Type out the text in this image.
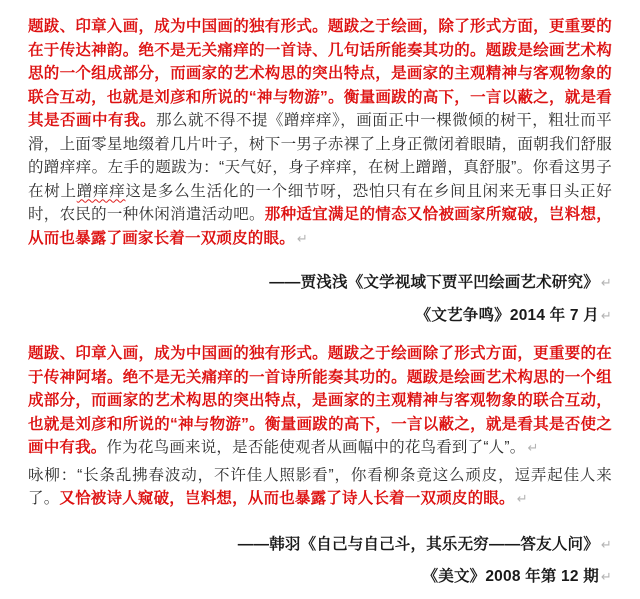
题跋、印章入画，成为中国画的独有形式。题跋之于绘画，除了形式方面，更重要的在于传达神韵。绝不是无关痛痒的一首诗、几句话所能奏其功的。题跋是绘画艺术构思的一个组成部分，而画家的艺术构思的突出特点，是画家的主观精神与客观物象的联合互动，也就是刘彦和所说的“神与物游”。衡量画跋的高下，一言以蔽之，就是看其是否画中有我。那么就不得不提《蹭痒痒》，画面正中一棵微倾的树干，粗壮而平滑，上面零星地缀着几片叶子，树下一男子赤裸了上身正微闭着眼睛，面朝我们舒服的蹭痒痒。左手的题跋为：“天气好，身子痒痒，在树上蹭蹭，真舒服”。你看这男子在树上蹭痒痒这是多么生活化的一个细节呀，恐怕只有在乡间且闲来无事日头正好时，农民的一种休闲消遣活动吧。那种适宜满足的情态又恰被画家所窥破，岂料想，从而也暴露了画家长着一双顽皮的眼。 ↵

——贾浅浅《文学视域下贾平凹绘画艺术研究》 ↵

《文艺争鸣》2014 年 7 月 ↵

题跋、印章入画，成为中国画的独有形式。题跋之于绘画除了形式方面，更重要的在于传神阿堵。绝不是无关痛痒的一首诗所能奏其功的。题跋是绘画艺术构思的一个组成部分，而画家的艺术构思的突出特点，是画家的主观精神与客观物象的联合互动，也就是刘彦和所说的“神与物游”。衡量画跋的高下，一言以蔽之，就是看其是否使之画中有我。作为花鸟画来说，是否能使观者从画幅中的花鸟看到了“人”。 ↵

咏柳：“长条乱拂春波动，不许佳人照影看”，你看柳条竟这么顽皮，逗弄起佳人来了。又恰被诗人窥破，岂料想，从而也暴露了诗人长着一双顽皮的眼。 ↵

——韩羽《自己与自己斗，其乐无穷——答友人问》 ↵

《美文》2008 年第 12 期 ↵
